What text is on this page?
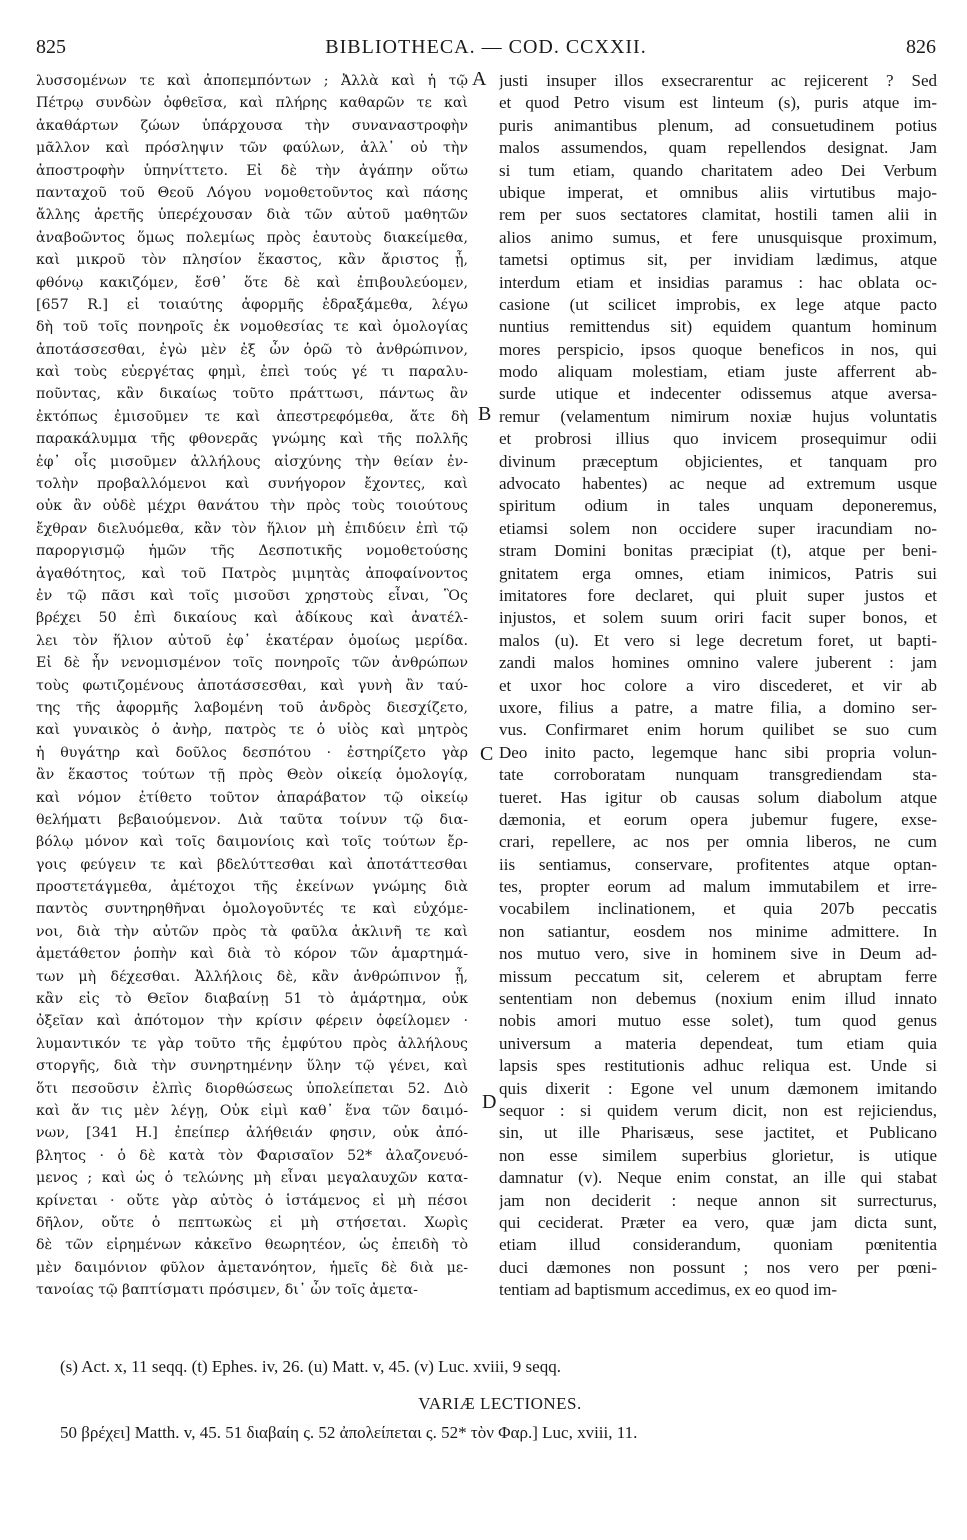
BIBLIOTHECA. — COD. CCXXII.
825	826
λυσσομένων τε καὶ ἀποπεμπόντων ; Ἀλλὰ καὶ ἡ τῷ
Πέτρῳ συνδὼν ὀφθεῖσα, καὶ πλήρης καθαρῶν τε καὶ
ἀκαθάρτων ζώων ὑπάρχουσα τὴν συναναστροφὴν
μᾶλλον καὶ πρόσληψιν τῶν φαύλων, ἀλλ᾽ οὐ τὴν
ἀποστροφὴν ὑπηνίττετο. Εἰ δὲ τὴν ἀγάπην οὕτω
πανταχοῦ τοῦ Θεοῦ Λόγου νομοθετοῦντος καὶ πάσης
ἄλλης ἀρετῆς ὑπερέχουσαν διὰ τῶν αὐτοῦ μαθητῶν
ἀναβοῶντος ὅμως πολεμίως πρὸς ἑαυτοὺς διακείμεθα,
καὶ μικροῦ τὸν πλησίον ἕκαστος, κἂν ἄριστος ᾖ,
φθόνῳ κακιζόμεν, ἔσθ᾽ ὅτε δὲ καὶ ἐπιβουλεύομεν,
[657 R.] εἰ τοιαύτης ἀφορμῆς ἐδραξάμεθα, λέγω
δὴ τοῦ τοῖς πονηροῖς ἐκ νομοθεσίας τε καὶ ὁμολογίας
ἀποτάσσεσθαι, ἐγὼ μὲν ἐξ ὧν ὁρῶ τὸ ἀνθρώπινον,
καὶ τοὺς εὐεργέτας φημὶ, ἐπεὶ τούς γέ τι παραλυ-
ποῦντας, κἂν δικαίως τοῦτο πράττωσι, πάντως ἂν
ἐκτόπως ἐμισοῦμεν τε καὶ ἀπεστρεφόμεθα, ἅτε δὴ
παρακάλυμμα τῆς φθονερᾶς γνώμης καὶ τῆς πολλῆς
ἐφ᾽ οἷς μισοῦμεν ἀλλήλους αἰσχύνης τὴν θείαν ἐν-
τολὴν προβαλλόμενοι καὶ συνήγορον ἔχοντες, καὶ
οὐκ ἂν οὐδὲ μέχρι θανάτου τὴν πρὸς τοὺς τοιούτους
ἔχθραν διελυόμεθα, κἂν τὸν ἥλιον μὴ ἐπιδύειν ἐπὶ τῷ
παροργισμῷ ἡμῶν τῆς Δεσποτικῆς νομοθετούσης
ἀγαθότητος, καὶ τοῦ Πατρὸς μιμητὰς ἀποφαίνοντος
ἐν τῷ πᾶσι καὶ τοῖς μισοῦσι χρηστοὺς εἶναι, Ὃς
βρέχει 50 ἐπὶ δικαίους καὶ ἀδίκους καὶ ἀνατέλ-
λει τὸν ἥλιον αὐτοῦ ἐφ᾽ ἑκατέραν ὁμοίως μερίδα.
Εἰ δὲ ἦν νενομισμένον τοῖς πονηροῖς τῶν ἀνθρώπων
τοὺς φωτιζομένους ἀποτάσσεσθαι, καὶ γυνὴ ἂν ταύ-
της τῆς ἀφορμῆς λαβομένη τοῦ ἀνδρὸς διεσχίζετο,
καὶ γυναικὸς ὁ ἀνὴρ, πατρὸς τε ὁ υἱὸς καὶ μητρὸς
ἡ θυγάτηρ καὶ δοῦλος δεσπότου · ἐστηρίζετο γὰρ
ἂν ἕκαστος τούτων τῇ πρὸς Θεὸν οἰκείᾳ ὁμολογίᾳ,
καὶ νόμον ἐτίθετο τοῦτον ἀπαράβατον τῷ οἰκείῳ
θελήματι βεβαιούμενον. Διὰ ταῦτα τοίνυν τῷ δια-
βόλῳ μόνον καὶ τοῖς δαιμονίοις καὶ τοῖς τούτων ἔρ-
γοις φεύγειν τε καὶ βδελύττεσθαι καὶ ἀποτάττεσθαι
προστετάγμεθα, ἀμέτοχοι τῆς ἐκείνων γνώμης διὰ
παντὸς συντηρηθῆναι ὁμολογοῦντές τε καὶ εὐχόμε-
νοι, διὰ τὴν αὐτῶν πρὸς τὰ φαῦλα ἀκλινῆ τε καὶ
ἀμετάθετον ῥοπὴν καὶ διὰ τὸ κόρον τῶν ἁμαρτημά-
των μὴ δέχεσθαι. Ἀλλήλοις δὲ, κἂν ἀνθρώπινον ᾖ,
κἂν εἰς τὸ Θεῖον διαβαίνῃ 51 τὸ ἁμάρτημα, οὐκ
ὀξεῖαν καὶ ἀπότομον τὴν κρίσιν φέρειν ὀφείλομεν ·
λυμαντικόν τε γὰρ τοῦτο τῆς ἐμφύτου πρὸς ἀλλήλους
στοργῆς, διὰ τὴν συνηρτημένην ὕλην τῷ γένει, καὶ
ὅτι πεσοῦσιν ἐλπὶς διορθώσεως ὑπολείπεται 52. Διὸ
καὶ ἄν τις μὲν λέγῃ, Οὐκ εἰμὶ καθ᾽ ἕνα τῶν δαιμό-
νων, [341 H.] ἐπείπερ ἀλήθειάν φησιν, οὐκ ἀπό-
βλητος · ὁ δὲ κατὰ τὸν Φαρισαῖον 52* ἀλαζονευό-
μενος ; καὶ ὡς ὁ τελώνης μὴ εἶναι μεγαλαυχῶν κατα-
κρίνεται · οὔτε γὰρ αὐτὸς ὁ ἱστάμενος εἰ μὴ πέσοι
δῆλον, οὔτε ὁ πεπτωκὼς εἰ μὴ στήσεται. Χωρὶς
δὲ τῶν εἰρημένων κἀκεῖνο θεωρητέον, ὡς ἐπειδὴ τὸ
μὲν δαιμόνιον φῦλον ἀμετανόητον, ἡμεῖς δὲ διὰ με-
τανοίας τῷ βαπτίσματι πρόσιμεν, δι᾽ ὧν τοῖς ἀμετα-
justi insuper illos exsecrarentur ac rejicerent ? Sed
et quod Petro visum est linteum (s), puris atque im-
puris animantibus plenum, ad consuetudinem potius
malos assumendos, quam repellendos designat. Jam
si tum etiam, quando charitatem adeo Dei Verbum
ubique imperat, et omnibus aliis virtutibus majo-
rem per suos sectatores clamitat, hostili tamen alii in
alios animo sumus, et fere unusquisque proximum,
tametsi optimus sit, per invidiam lædimus, atque
interdum etiam et insidias paramus : hac oblata oc-
casione (ut scilicet improbis, ex lege atque pacto
nuntius remittendus sit) equidem quantum hominum
mores perspicio, ipsos quoque beneficos in nos, qui
modo aliquam molestiam, etiam juste afferrent ab-
surde utique et indecenter odissemus atque aversa-
remur (velamentum nimirum noxiæ hujus voluntatis
et probrosi illius quo invicem prosequimur odii
divinum præceptum objicientes, et tanquam pro
advocato habentes) ac neque ad extremum usque
spiritum odium in tales unquam deponeremus,
etiamsi solem non occidere super iracundiam no-
stram Domini bonitas præcipiat (t), atque per beni-
gnitatem erga omnes, etiam inimicos, Patris sui
imitatores fore declaret, qui pluit super justos et
injustos, et solem suum oriri facit super bonos, et
malos (u). Et vero si lege decretum foret, ut bapti-
zandi malos homines omnino valere juberent : jam
et uxor hoc colore a viro discederet, et vir ab
uxore, filius a patre, a matre filia, a domino ser-
vus. Confirmaret enim horum quilibet se suo cum
Deo inito pacto, legemque hanc sibi propria volun-
tate corroboratam nunquam transgrediendam sta-
tueret. Has igitur ob causas solum diabolum atque
dæmonia, et eorum opera jubemur fugere, exse-
crari, repellere, ac nos per omnia liberos, ne cum
iis sentiamus, conservare, profitentes atque optan-
tes, propter eorum ad malum immutabilem et irre-
vocabilem inclinationem, et quia 207b peccatis
non satiantur, eosdem nos minime admittere. In
nos mutuo vero, sive in hominem sive in Deum ad-
missum peccatum sit, celerem et abruptam ferre
sententiam non debemus (noxium enim illud innato
nobis amori mutuo esse solet), tum quod genus
universum a materia dependeat, tum etiam quia
lapsis spes restitutionis adhuc reliqua est. Unde si
quis dixerit : Egone vel unum dæmonem imitando
sequor : si quidem verum dicit, non est rejiciendus,
sin, ut ille Pharisæus, sese jactitet, et Publicano
non esse similem superbius glorietur, is utique
damnatur (v). Neque enim constat, an ille qui stabat
jam non deciderit : neque annon sit surrecturus,
qui ceciderat. Præter ea vero, quæ jam dicta sunt,
etiam illud considerandum, quoniam pœnitentia
duci dæmones non possunt ; nos vero per pœni-
tentiam ad baptismum accedimus, ex eo quod im-
A
B
C
D
(s) Act. x, 11 seqq. (t) Ephes. iv, 26. (u) Matt. v, 45. (v) Luc. xviii, 9 seqq.
VARIÆ LECTIONES.
50 βρέχει] Matth. v, 45. 51 διαβαίη ς. 52 ἀπολείπεται ς. 52* τὸν Φαρ.] Luc, xviii, 11.
